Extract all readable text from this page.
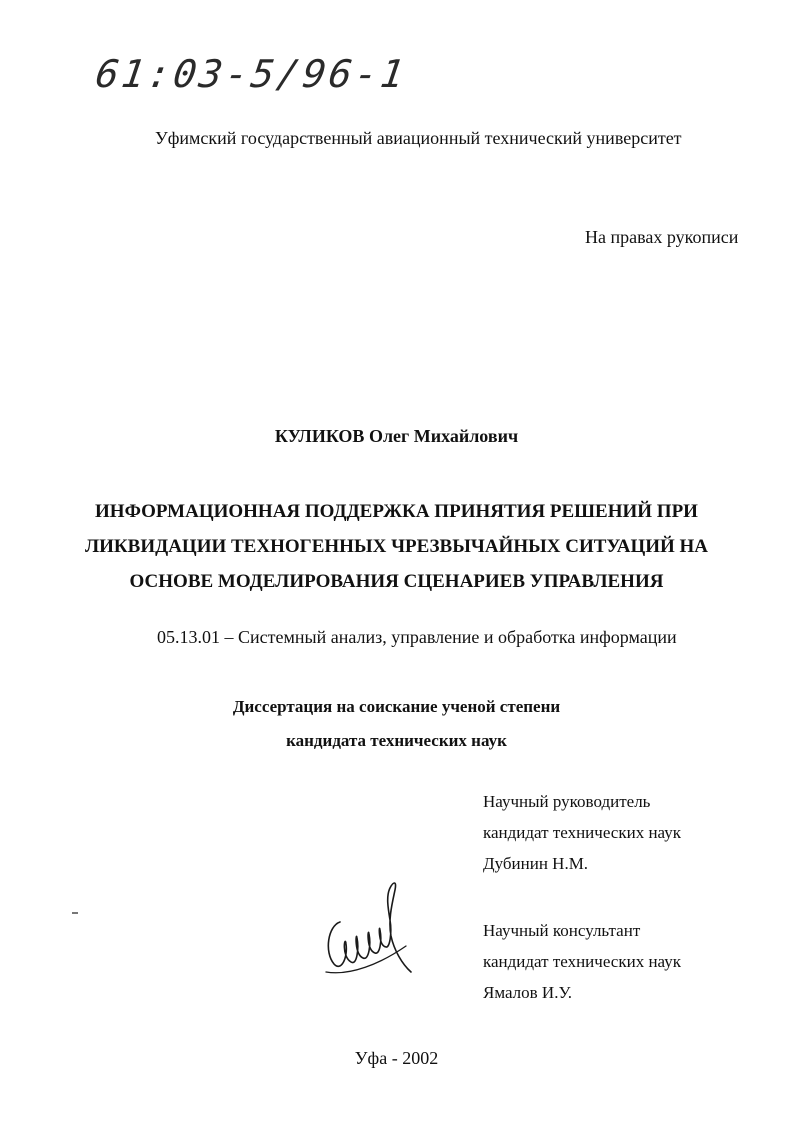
61:03-5/96-1
Уфимский государственный авиационный технический университет
На правах рукописи
КУЛИКОВ Олег Михайлович
ИНФОРМАЦИОННАЯ ПОДДЕРЖКА ПРИНЯТИЯ РЕШЕНИЙ ПРИ
ЛИКВИДАЦИИ ТЕХНОГЕННЫХ ЧРЕЗВЫЧАЙНЫХ СИТУАЦИЙ НА
ОСНОВЕ МОДЕЛИРОВАНИЯ СЦЕНАРИЕВ УПРАВЛЕНИЯ
05.13.01 – Системный анализ, управление и обработка информации
Диссертация на соискание ученой степени
кандидата технических наук
Научный руководитель
кандидат технических наук
Дубинин Н.М.
Научный консультант
кандидат технических наук
Ямалов И.У.
Уфа - 2002
